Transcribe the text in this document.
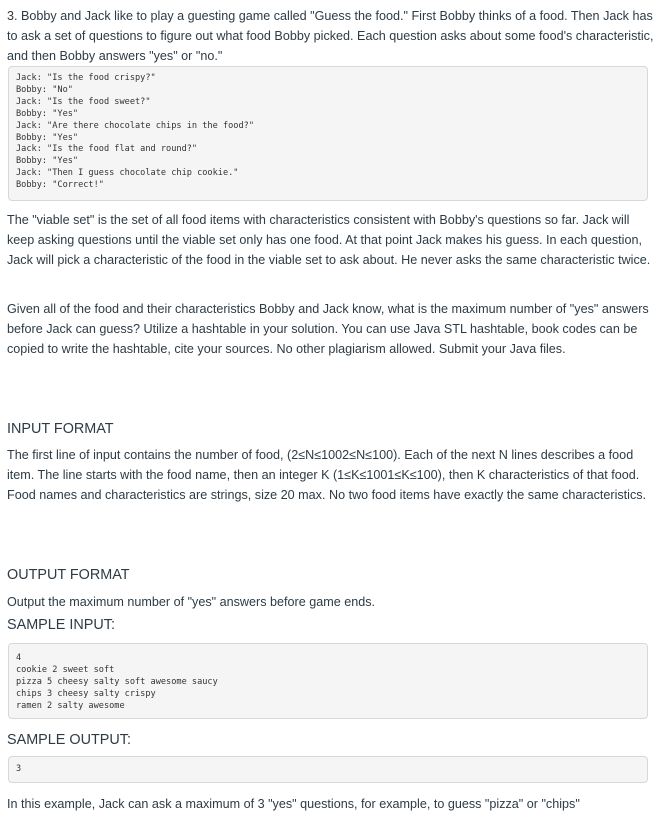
3. Bobby and Jack like to play a guesting game called "Guess the food." First Bobby thinks of a food. Then Jack has to ask a set of questions to figure out what food Bobby picked. Each question asks about some food's characteristic, and then Bobby answers "yes" or "no."

Jack: "Is the food crispy?"
Bobby: "No"
Jack: "Is the food sweet?"
Bobby: "Yes"
Jack: "Are there chocolate chips in the food?"
Bobby: "Yes"
Jack: "Is the food flat and round?"
Bobby: "Yes"
Jack: "Then I guess chocolate chip cookie."
Bobby: "Correct!"

The "viable set" is the set of all food items with characteristics consistent with Bobby's questions so far. Jack will keep asking questions until the viable set only has one food. At that point Jack makes his guess. In each question, Jack will pick a characteristic of the food in the viable set to ask about. He never asks the same characteristic twice.

Given all of the food and their characteristics Bobby and Jack know, what is the maximum number of "yes" answers before Jack can guess? Utilize a hashtable in your solution. You can use Java STL hashtable, book codes can be copied to write the hashtable, cite your sources. No other plagiarism allowed. Submit your Java files.

INPUT FORMAT

The first line of input contains the number of food, (2≤N≤1002≤N≤100). Each of the next N lines describes a food item. The line starts with the food name, then an integer K (1≤K≤1001≤K≤100), then K characteristics of that food. Food names and characteristics are strings, size 20 max. No two food items have exactly the same characteristics.

OUTPUT FORMAT

Output the maximum number of "yes" answers before game ends.

SAMPLE INPUT:
4
cookie 2 sweet soft
pizza 5 cheesy salty soft awesome saucy
chips 3 cheesy salty crispy
ramen 2 salty awesome
SAMPLE OUTPUT:
3

In this example, Jack can ask a maximum of 3 "yes" questions, for example, to guess "pizza" or "chips"
